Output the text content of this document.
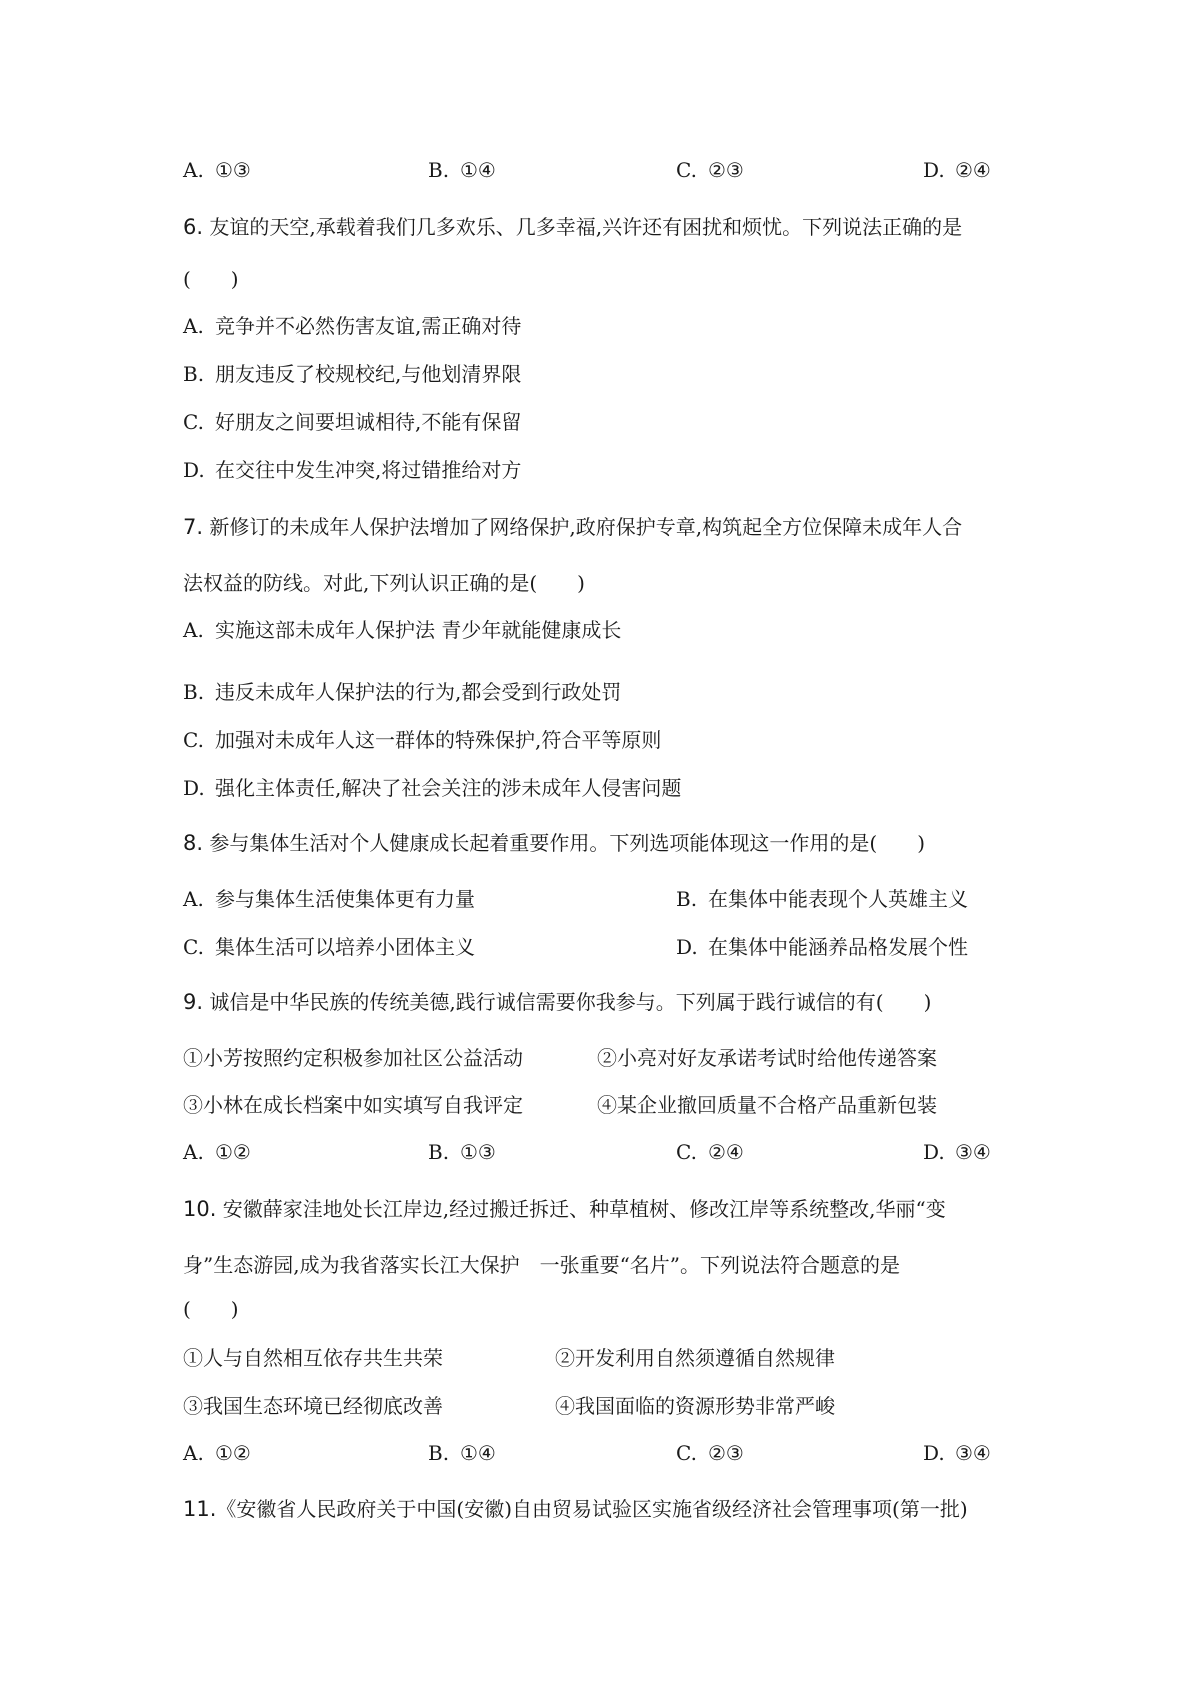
A. ①③	B. ①④	C. ②③	D. ②④
6. 友谊的天空,承载着我们几多欢乐、几多幸福,兴许还有困扰和烦忧。下列说法正确的是
(　　)
A. 竞争并不必然伤害友谊,需正确对待
B. 朋友违反了校规校纪,与他划清界限
C. 好朋友之间要坦诚相待,不能有保留
D. 在交往中发生冲突,将过错推给对方
7. 新修订的未成年人保护法增加了网络保护,政府保护专章,构筑起全方位保障未成年人合
法权益的防线。对此,下列认识正确的是(　　)
A. 实施这部未成年人保护法 青少年就能健康成长
B. 违反未成年人保护法的行为,都会受到行政处罚
C. 加强对未成年人这一群体的特殊保护,符合平等原则
D. 强化主体责任,解决了社会关注的涉未成年人侵害问题
8. 参与集体生活对个人健康成长起着重要作用。下列选项能体现这一作用的是(　　)
A. 参与集体生活使集体更有力量	B. 在集体中能表现个人英雄主义
C. 集体生活可以培养小团体主义	D. 在集体中能涵养品格发展个性
9. 诚信是中华民族的传统美德,践行诚信需要你我参与。下列属于践行诚信的有(　　)
①小芳按照约定积极参加社区公益活动	②小亮对好友承诺考试时给他传递答案
③小林在成长档案中如实填写自我评定	④某企业撤回质量不合格产品重新包装
A. ①②	B. ①③	C. ②④	D. ③④
10. 安徽薛家洼地处长江岸边,经过搬迁拆迁、种草植树、修改江岸等系统整改,华丽“变
身”生态游园,成为我省落实长江大保护　一张重要“名片”。下列说法符合题意的是
(　　)
①人与自然相互依存共生共荣	②开发利用自然须遵循自然规律
③我国生态环境已经彻底改善	④我国面临的资源形势非常严峻
A. ①②	B. ①④	C. ②③	D. ③④
11.《安徽省人民政府关于中国(安徽)自由贸易试验区实施省级经济社会管理事项(第一批)
